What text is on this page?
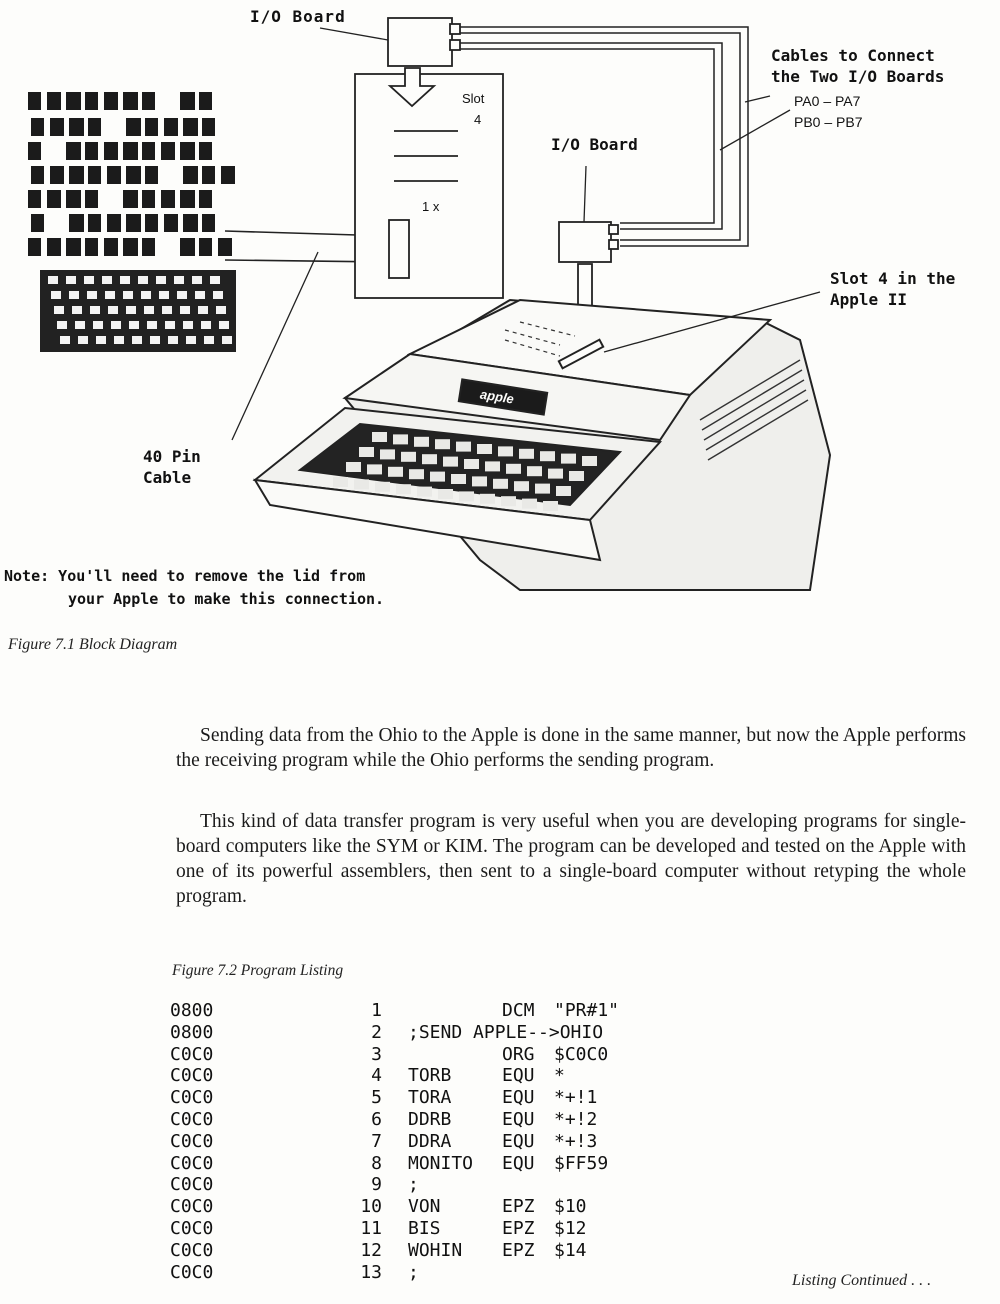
I/O Board
Slot
4
1 x
Cables to Connect
the Two I/O Boards
PA0 – PA7
PB0 – PB7
I/O Board
Slot 4 in the
Apple II
40 Pin
Cable
apple
Note: You'll need to remove the lid from
your Apple to make this connection.
Figure 7.1 Block Diagram

Sending data from the Ohio to the Apple is done in the same manner, but now the Apple performs the receiving program while the Ohio performs the sending program.

This kind of data transfer program is very useful when you are developing programs for single-board computers like the SYM or KIM. The program can be developed and tested on the Apple with one of its powerful assemblers, then sent to a single-board computer without retyping the whole program.

Figure 7.2 Program Listing
0800	1	DCM "PR#1"
0800	2 ;SEND APPLE-->OHIO
C0C0	3	ORG $C0C0
C0C0	4 TORB	EQU *
C0C0	5 TORA	EQU *+!1
C0C0	6 DDRB	EQU *+!2
C0C0	7 DDRA	EQU *+!3
C0C0	8 MONITO EQU $FF59
C0C0	9 ;
C0C0	10 VON	EPZ $10
C0C0	11 BIS	EPZ $12
C0C0	12 WOHIN EPZ $14
C0C0	13 ;	Listing Continued . . .
